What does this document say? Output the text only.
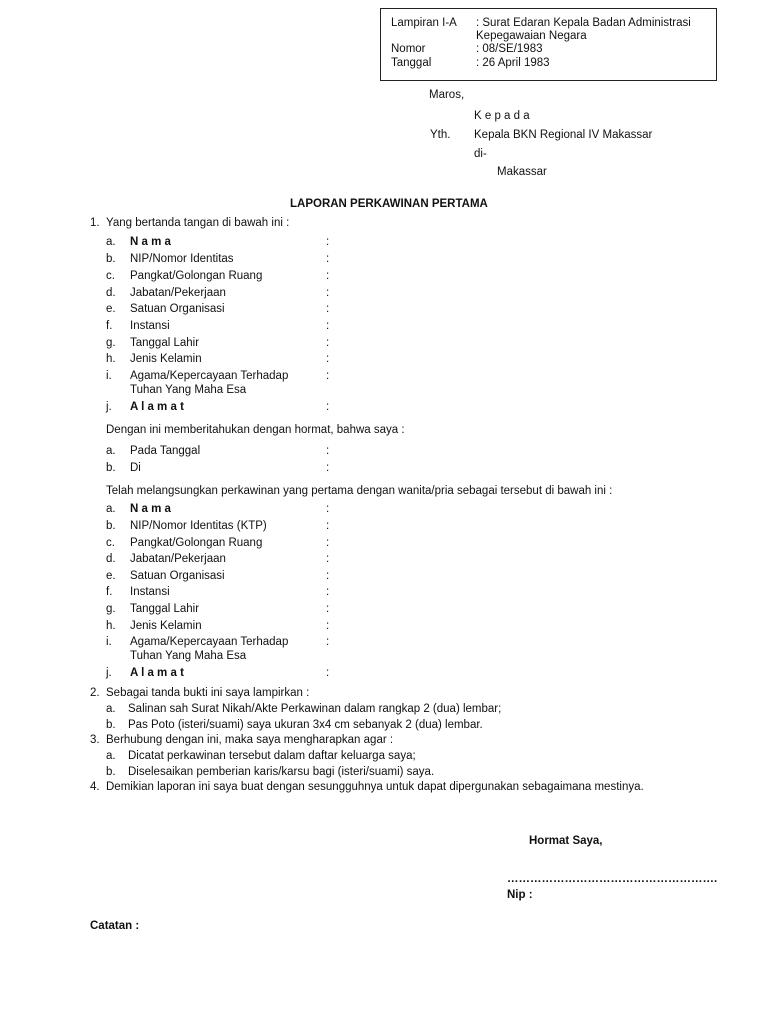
Lampiran I-A : Surat Edaran Kepala Badan Administrasi
Kepegawaian Negara
Nomor	: 08/SE/1983
Tanggal	: 26 April 1983
Maros,
K e p a d a
Yth. Kepala BKN Regional IV Makassar
di-
Makassar
LAPORAN PERKAWINAN PERTAMA
1. Yang bertanda tangan di bawah ini :
a. N a m a	:
b. NIP/Nomor Identitas	:
c. Pangkat/Golongan Ruang	:
d. Jabatan/Pekerjaan	:
e. Satuan Organisasi	:
f. Instansi	:
g. Tanggal Lahir	:
h. Jenis Kelamin	:
i. Agama/Kepercayaan Terhadap
Tuhan Yang Maha Esa
:
j. A l a m a t	:
Dengan ini memberitahukan dengan hormat, bahwa saya :
a. Pada Tanggal	:
b. Di	:
Telah melangsungkan perkawinan yang pertama dengan wanita/pria sebagai tersebut di bawah ini :
a. N a m a	:
b. NIP/Nomor Identitas (KTP)	:
c. Pangkat/Golongan Ruang	:
d. Jabatan/Pekerjaan	:
e. Satuan Organisasi	:
f. Instansi	:
g. Tanggal Lahir	:
h. Jenis Kelamin	:
i. Agama/Kepercayaan Terhadap
Tuhan Yang Maha Esa
:
j. A l a m a t	:
2. Sebagai tanda bukti ini saya lampirkan :
a. Salinan sah Surat Nikah/Akte Perkawinan dalam rangkap 2 (dua) lembar;
b. Pas Poto (isteri/suami) saya ukuran 3x4 cm sebanyak 2 (dua) lembar.
3. Berhubung dengan ini, maka saya mengharapkan agar :
a. Dicatat perkawinan tersebut dalam daftar keluarga saya;
b. Diselesaikan pemberian karis/karsu bagi (isteri/suami) saya.
4. Demikian laporan ini saya buat dengan sesungguhnya untuk dapat dipergunakan sebagaimana mestinya.
Hormat Saya,
……………………………………………….
Nip :
Catatan :
